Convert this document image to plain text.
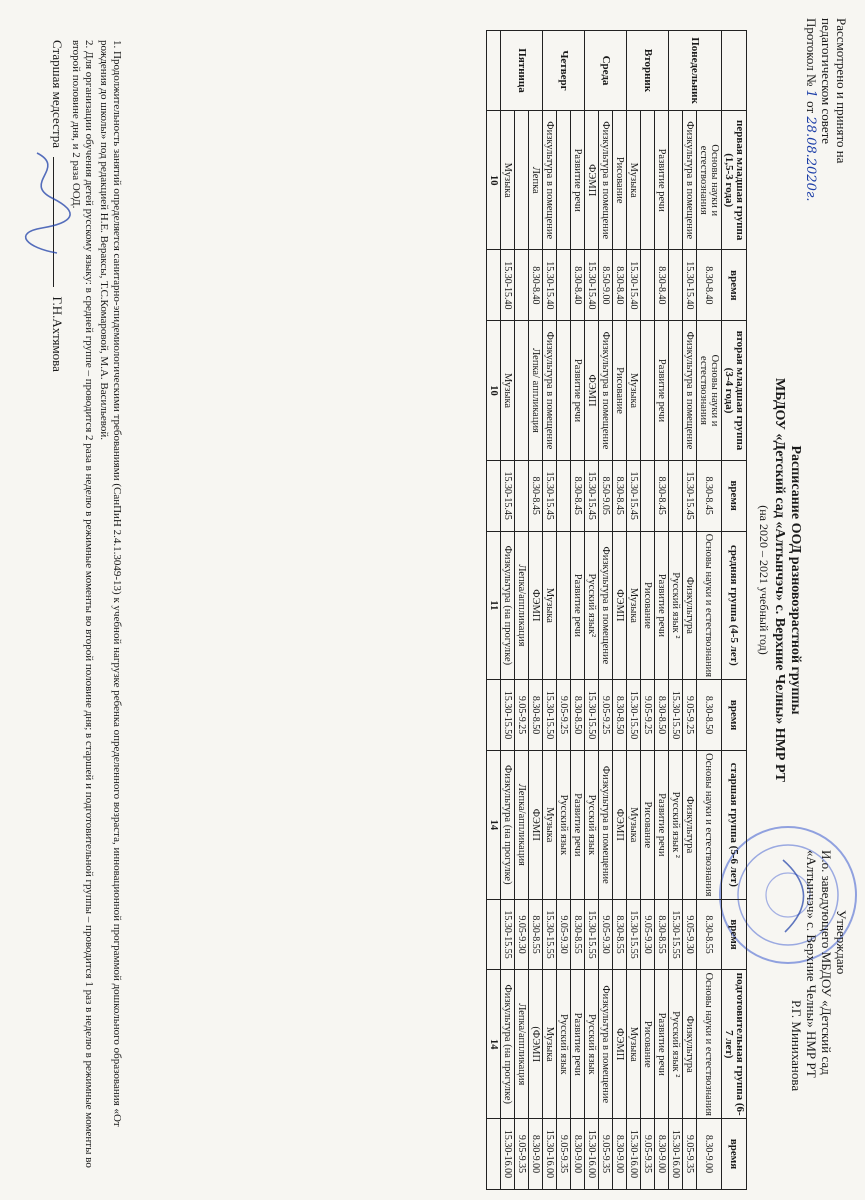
Рассмотрено и принято на
педагогическом совете
Протокол № 1 от 28.08.2020г.
Утверждаю
И.о. заведующего МБДОУ «Детский сад
«Алтынчэч» с. Верхние Челны» НМР РТ
Р.Г. Миниханова
Расписание ООД разновозрастной группы
МБДОУ «Детский сад «Алтынчэч» с. Верхние Челны» НМР РТ
(на 2020 – 2021 учебный год)
	первая младшая группа (1,5-3 года)	время	вторая младшая группа (3-4 года)	время	средняя группа (4-5 лет)	время	старшая группа (5-6 лет)	время	подготовительная группа (6-7 лет)	время
Понедельник	Основы науки и естествознания	8.30-8.40	Основы науки и естествознания	8.30-8.45	Основы науки и естествознания	8.30-8.50	Основы науки и естествознания	8.30-8.55	Основы науки и естествознания	8.30-9.00
	Физкультура в помещение	15.30-15.40	Физкультура в помещение	15.30-15.45	Физкультура	9.05-9.25	Физкультура	9.05-9.30	Физкультура	9.05-9.35
					Русский язык ²	15.30-15.50	Русский язык ²	15.30-15.55	Русский язык ²	15.30-16.00
Вторник	Развитие речи	8.30-8.40	Развитие речи	8.30-8.45	Развитие речи	8.30-8.50	Развитие речи	8.30-8.55	Развитие речи	8.30-9.00
					Рисование	9.05-9.25	Рисование	9.05-9.30	Рисование	9.05-9.35
	Музыка	15.30-15.40	Музыка	15.30-15.45	Музыка	15.30-15.50	Музыка	15.30-15.55	Музыка	15.30-16.00
Среда	Рисование	8.30-8.40	Рисование	8.30-8.45	ФЭМП	8.30-8.50	ФЭМП	8.30-8.55	ФЭМП	8.30-9.00
	Физкультура в помещение	8.50-9.00	Физкультура в помещение	8.50-9.05	Физкультура в помещение	9.05-9.25	Физкультура в помещение	9.05-9.30	Физкультура в помещение	9.05-9.35
	ФЭМП	15.30-15.40	ФЭМП	15.30-15.45	Русский язык²	15.30-15.50	Русский язык	15.30-15.55	Русский язык	15.30-16.00
Четверг	Развитие речи	8.30-8.40	Развитие речи	8.30-8.45	Развитие речи	8.30-8.50	Развитие речи	8.30-8.55	Развитие речи	8.30-9.00
						9.05-9.25	Русский язык	9.05-9.30	Русский язык	9.05-9.35
	Физкультура в помещение	15.30-15.40	Физкультура в помещение	15.30-15.45	Музыка	15.30-15.50	Музыка	15.30-15.55	Музыка	15.30-16.00
Пятница	Лепка	8.30-8.40	Лепка/ аппликация	8.30-8.45	ФЭМП	8.30-8.50	ФЭМП	8.30-8.55	(ФЭМП	8.30-9.00
					Лепка/аппликация	9.05-9.25	Лепка/аппликация	9.05-9.30	Лепка/аппликация	9.05-9.35
	Музыка	15.30-15.40	Музыка	15.30-15.45	Физкультура (на прогулке)	15.30-15.50	Физкультура (на прогулке)	15.30-15.55	Физкультура (на прогулке)	15.30-16.00
	10		10		11		14		14	

1. Продолжительность занятий определяется санитарно-эпидемиологическими требованиями (СанПиН 2.4.1.3049-13) к учебной нагрузке ребенка определенного возраста, инновационной программой дошкольного образования «От рождения до школы» под редакцией Н.Е. Вераксы, Т.С.Комаровой, М.А. Васильевой.

2. Для организации обучения детей русскому языку: в средней группе – проводится 2 раза в неделю в режимные моменты во второй половине дня; в старшей и подготовительной группы – проводится 1 раз в неделю в режимные моменты во второй половине дня, и 2 раза ООД.

Старшая медсестра  Г.Н.Ахтямова
